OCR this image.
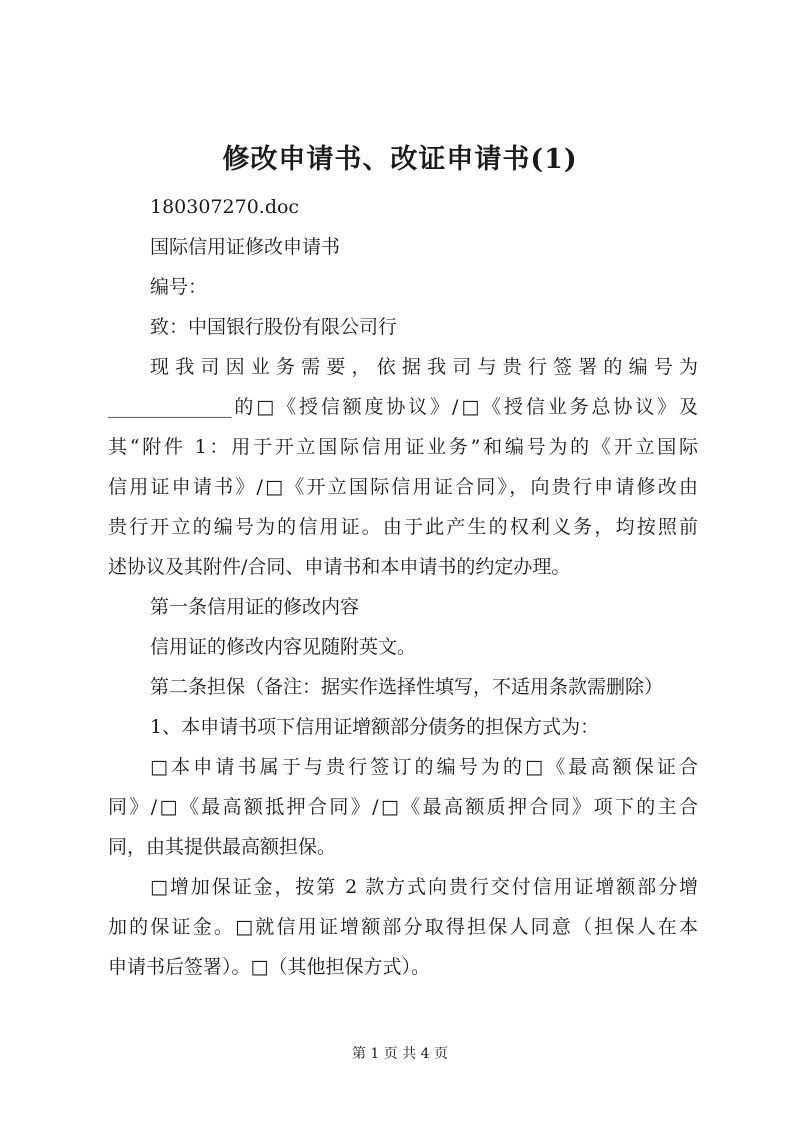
修改申请书、改证申请书(1)
180307270.doc
国际信用证修改申请书
编号：
致：中国银行股份有限公司行
现我司因业务需要，依据我司与贵行签署的编号为
_____________的□《授信额度协议》/□《授信业务总协议》及
其“附件 1：用于开立国际信用证业务”和编号为的《开立国际
信用证申请书》/□《开立国际信用证合同》，向贵行申请修改由
贵行开立的编号为的信用证。由于此产生的权利义务，均按照前
述协议及其附件/合同、申请书和本申请书的约定办理。
第一条信用证的修改内容
信用证的修改内容见随附英文。
第二条担保（备注：据实作选择性填写，不适用条款需删除）
1、本申请书项下信用证增额部分债务的担保方式为：
□本申请书属于与贵行签订的编号为的□《最高额保证合
同》/□《最高额抵押合同》/□《最高额质押合同》项下的主合
同，由其提供最高额担保。
□增加保证金，按第 2 款方式向贵行交付信用证增额部分增
加的保证金。□就信用证增额部分取得担保人同意（担保人在本
申请书后签署）。□（其他担保方式）。
第 1 页 共 4 页
